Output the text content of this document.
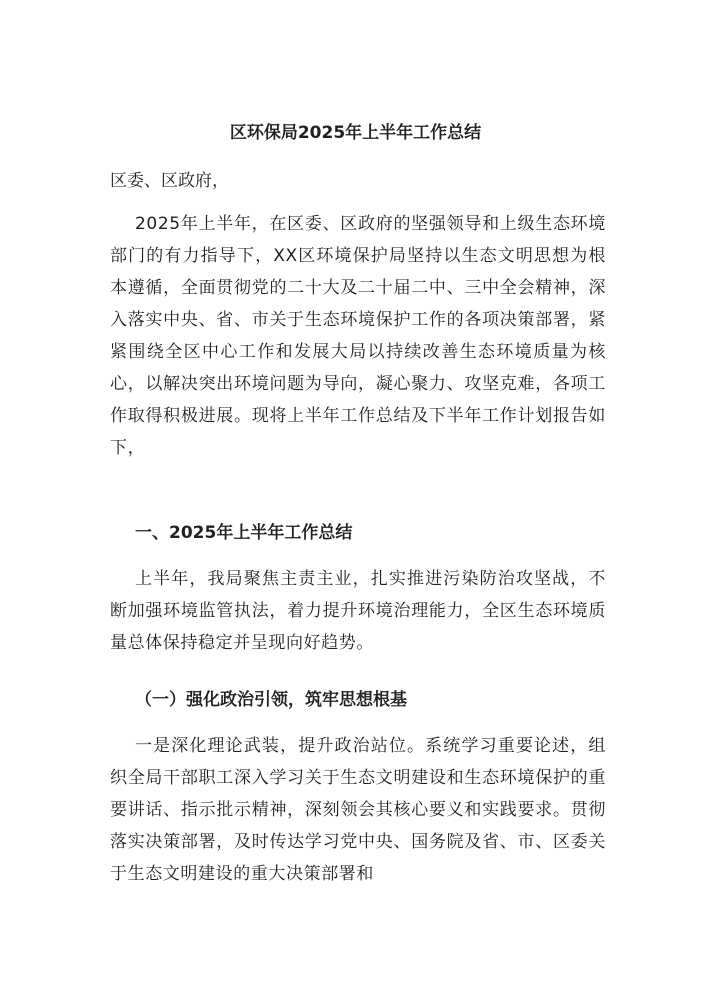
区环保局2025年上半年工作总结
区委、区政府，
2025年上半年，在区委、区政府的坚强领导和上级生态环境部门的有力指导下，XX区环境保护局坚持以生态文明思想为根本遵循，全面贯彻党的二十大及二十届二中、三中全会精神，深入落实中央、省、市关于生态环境保护工作的各项决策部署，紧紧围绕全区中心工作和发展大局以持续改善生态环境质量为核心，以解决突出环境问题为导向，凝心聚力、攻坚克难，各项工作取得积极进展。现将上半年工作总结及下半年工作计划报告如下，
一、2025年上半年工作总结
上半年，我局聚焦主责主业，扎实推进污染防治攻坚战，不断加强环境监管执法，着力提升环境治理能力，全区生态环境质量总体保持稳定并呈现向好趋势。
（一）强化政治引领，筑牢思想根基
一是深化理论武装，提升政治站位。系统学习重要论述，组织全局干部职工深入学习关于生态文明建设和生态环境保护的重要讲话、指示批示精神，深刻领会其核心要义和实践要求。贯彻落实决策部署，及时传达学习党中央、国务院及省、市、区委关于生态文明建设的重大决策部署和
